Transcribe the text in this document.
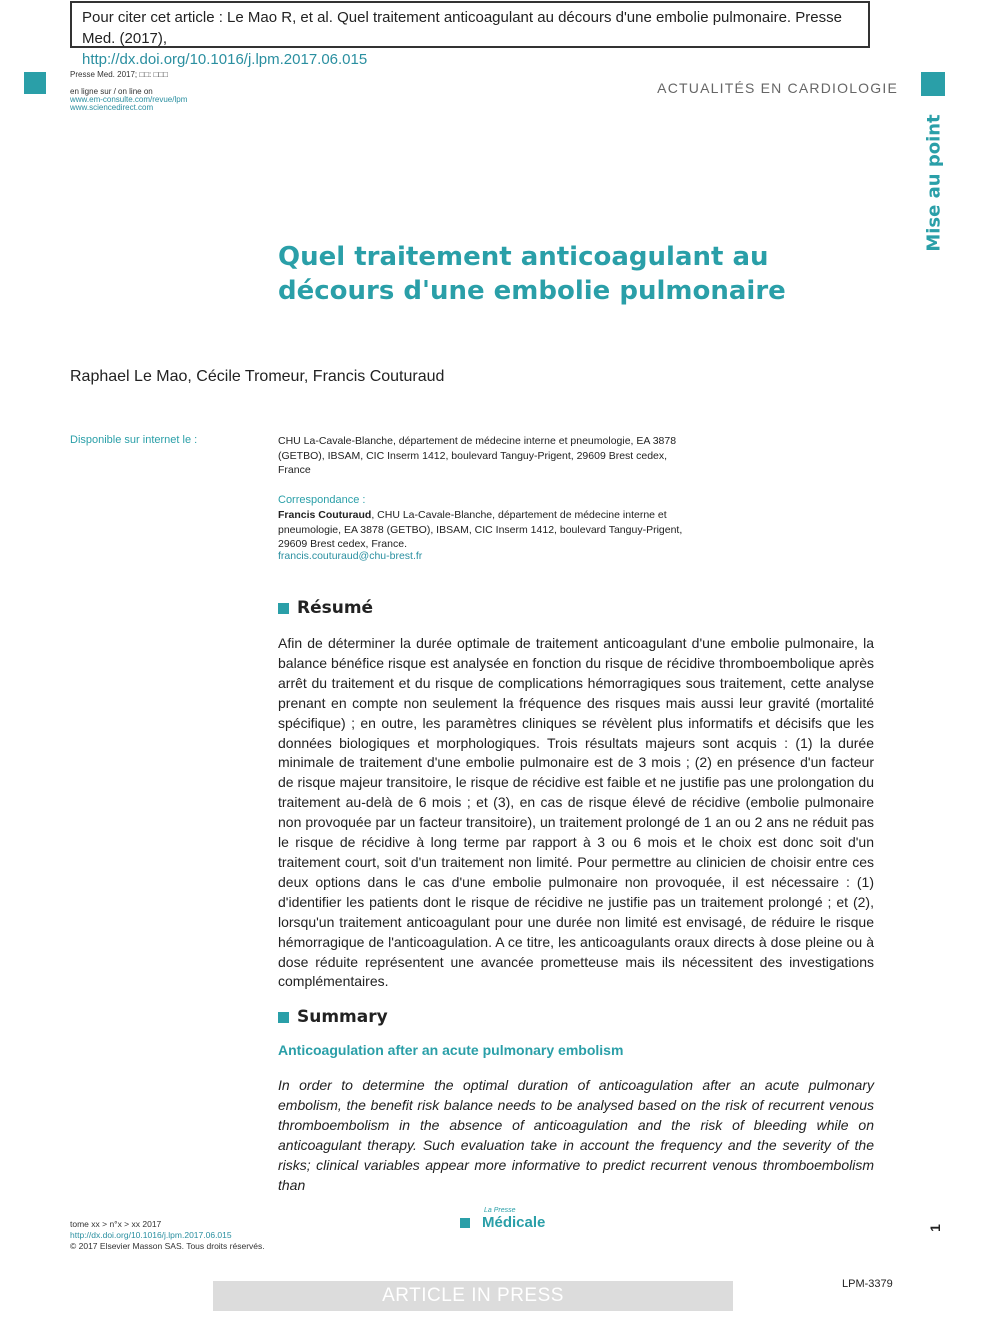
Pour citer cet article : Le Mao R, et al. Quel traitement anticoagulant au décours d'une embolie pulmonaire. Presse Med. (2017),
http://dx.doi.org/10.1016/j.lpm.2017.06.015
Presse Med. 2017; □□: □□□
en ligne sur / on line on
www.em-consulte.com/revue/lpm
www.sciencedirect.com
ACTUALITÉS EN CARDIOLOGIE
Mise au point
Quel traitement anticoagulant au décours d'une embolie pulmonaire
Raphael Le Mao, Cécile Tromeur, Francis Couturaud
Disponible sur internet le :	CHU La-Cavale-Blanche, département de médecine interne et pneumologie, EA 3878 (GETBO), IBSAM, CIC Inserm 1412, boulevard Tanguy-Prigent, 29609 Brest cedex, France
Correspondance :
Francis Couturaud, CHU La-Cavale-Blanche, département de médecine interne et pneumologie, EA 3878 (GETBO), IBSAM, CIC Inserm 1412, boulevard Tanguy-Prigent, 29609 Brest cedex, France.
francis.couturaud@chu-brest.fr
Résumé
Afin de déterminer la durée optimale de traitement anticoagulant d'une embolie pulmonaire, la balance bénéfice risque est analysée en fonction du risque de récidive thromboembolique après arrêt du traitement et du risque de complications hémorragiques sous traitement, cette analyse prenant en compte non seulement la fréquence des risques mais aussi leur gravité (mortalité spécifique) ; en outre, les paramètres cliniques se révèlent plus informatifs et décisifs que les données biologiques et morphologiques. Trois résultats majeurs sont acquis : (1) la durée minimale de traitement d'une embolie pulmonaire est de 3 mois ; (2) en présence d'un facteur de risque majeur transitoire, le risque de récidive est faible et ne justifie pas une prolongation du traitement au-delà de 6 mois ; et (3), en cas de risque élevé de récidive (embolie pulmonaire non provoquée par un facteur transitoire), un traitement prolongé de 1 an ou 2 ans ne réduit pas le risque de récidive à long terme par rapport à 3 ou 6 mois et le choix est donc soit d'un traitement court, soit d'un traitement non limité. Pour permettre au clinicien de choisir entre ces deux options dans le cas d'une embolie pulmonaire non provoquée, il est nécessaire : (1) d'identifier les patients dont le risque de récidive ne justifie pas un traitement prolongé ; et (2), lorsqu'un traitement anticoagulant pour une durée non limité est envisagé, de réduire le risque hémorragique de l'anticoagulation. A ce titre, les anticoagulants oraux directs à dose pleine ou à dose réduite représentent une avancée prometteuse mais ils nécessitent des investigations complémentaires.
Summary
Anticoagulation after an acute pulmonary embolism
In order to determine the optimal duration of anticoagulation after an acute pulmonary embolism, the benefit risk balance needs to be analysed based on the risk of recurrent venous thromboembolism in the absence of anticoagulation and the risk of bleeding while on anticoagulant therapy. Such evaluation take in account the frequency and the severity of the risks; clinical variables appear more informative to predict recurrent venous thromboembolism than
tome xx > n°x > xx 2017
http://dx.doi.org/10.1016/j.lpm.2017.06.015
© 2017 Elsevier Masson SAS. Tous droits réservés.
La Presse
Médicale	1
ARTICLE IN PRESS
LPM-3379
